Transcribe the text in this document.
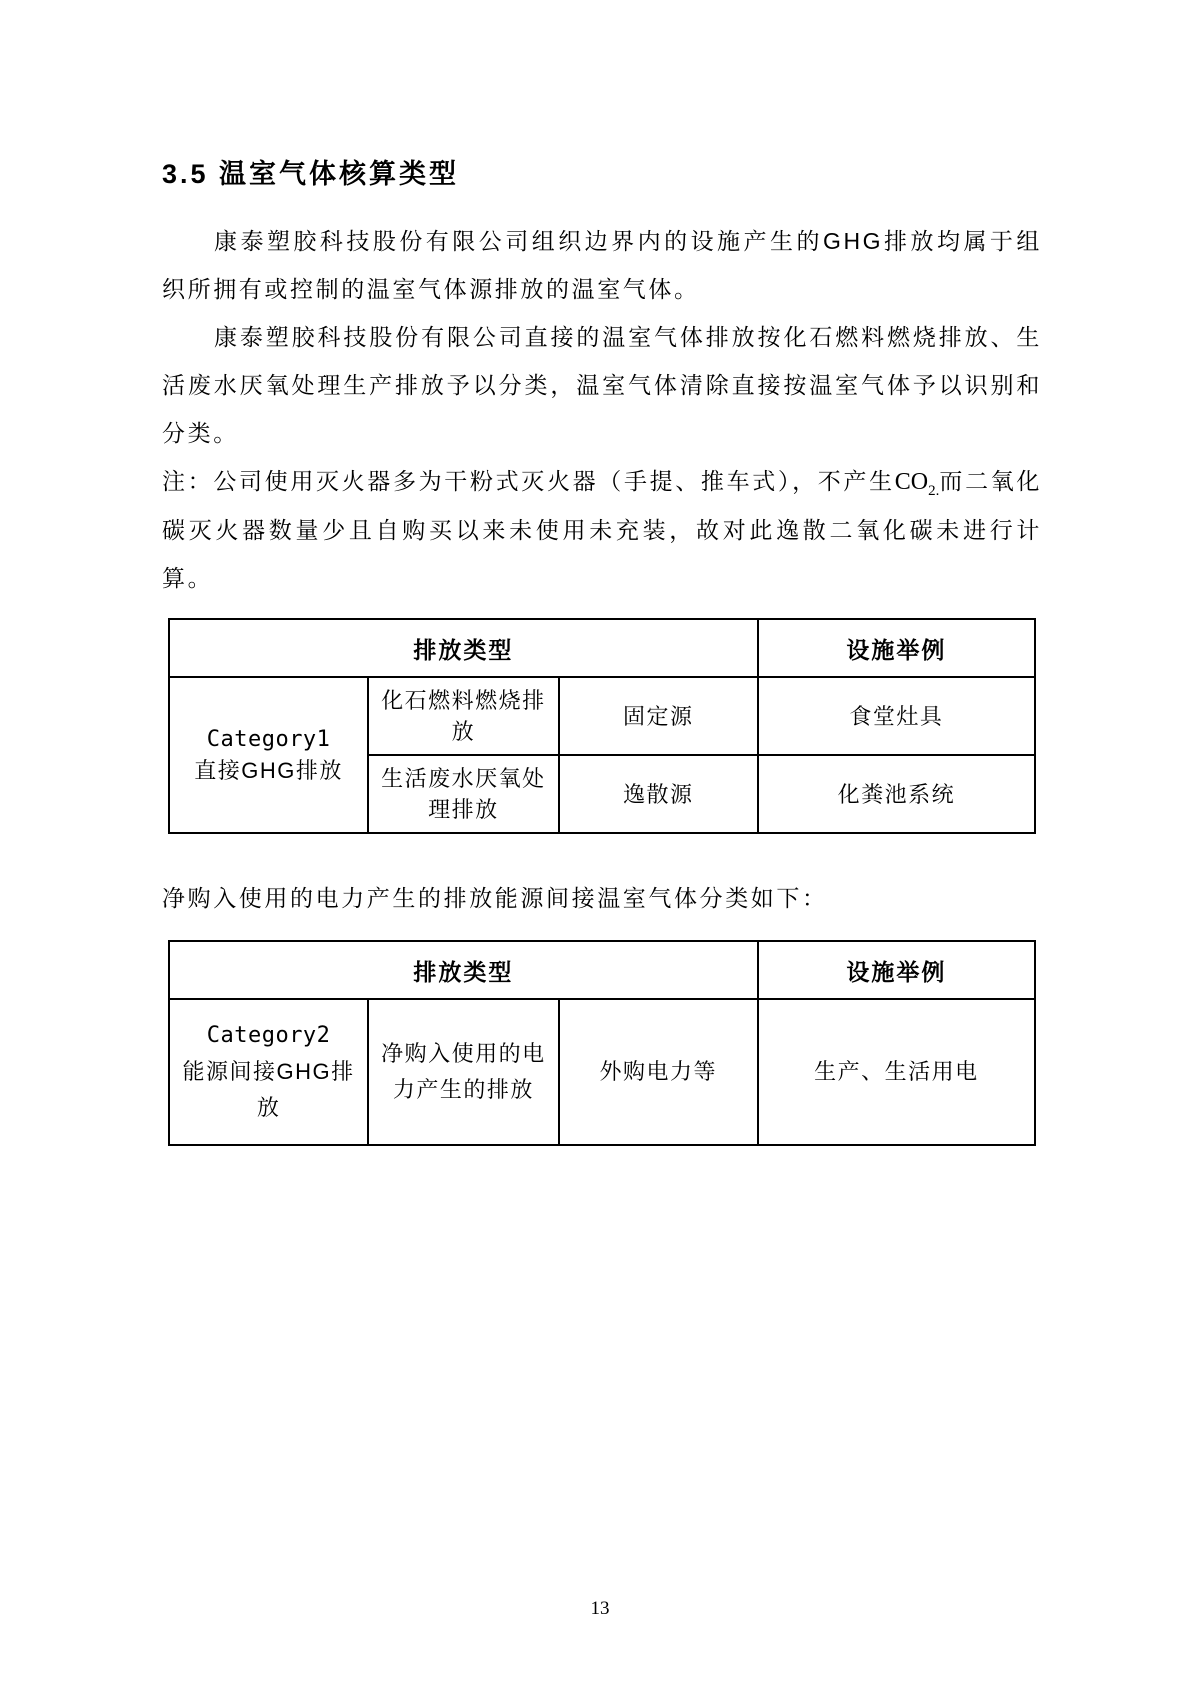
3.5 温室气体核算类型

康泰塑胶科技股份有限公司组织边界内的设施产生的GHG排放均属于组织所拥有或控制的温室气体源排放的温室气体。

康泰塑胶科技股份有限公司直接的温室气体排放按化石燃料燃烧排放、生活废水厌氧处理生产排放予以分类，温室气体清除直接按温室气体予以识别和分类。

注：公司使用灭火器多为干粉式灭火器（手提、推车式），不产生$CO_{2.}$而二氧化碳灭火器数量少且自购买以来未使用未充装，故对此逸散二氧化碳未进行计算。

排放类型			设施举例

Category1
直接GHG排放	化石燃料燃烧排放	固定源	食堂灶具
	生活废水厌氧处理排放	逸散源	化粪池系统

净购入使用的电力产生的排放能源间接温室气体分类如下：

排放类型			设施举例

Category2
能源间接GHG排放	净购入使用的电力产生的排放	外购电力等	生产、生活用电
13
